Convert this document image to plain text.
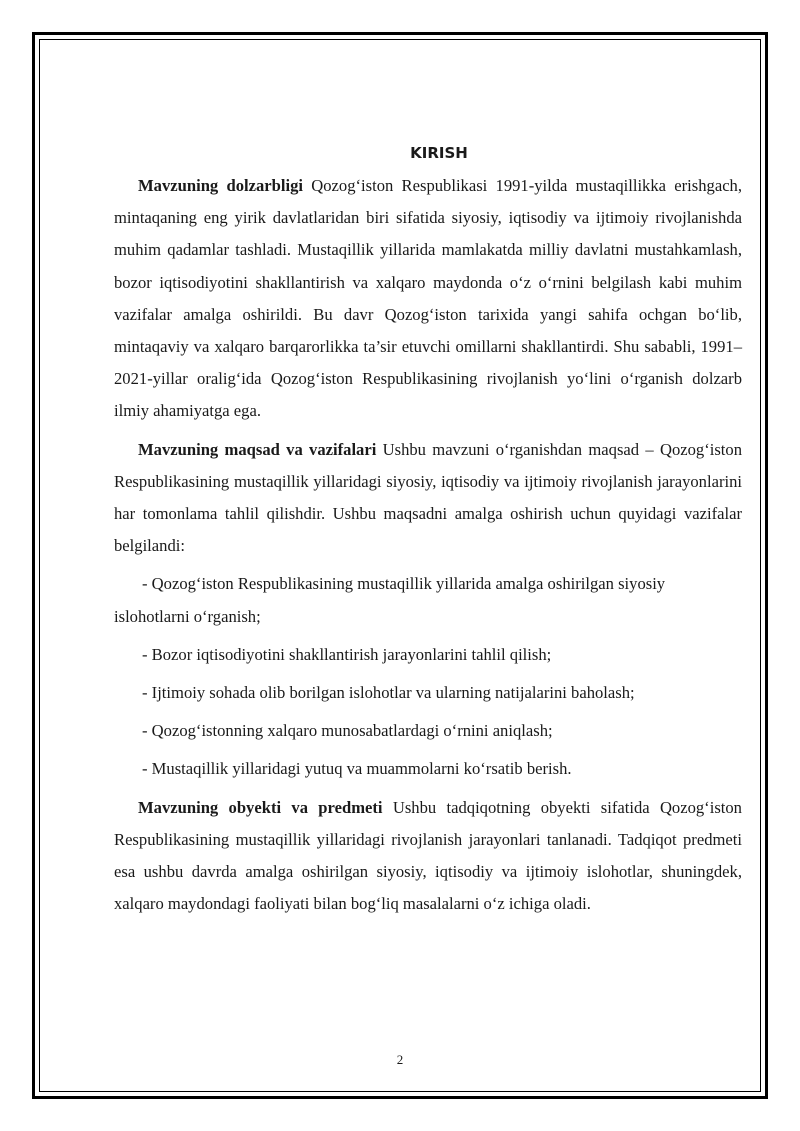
KIRISH

Mavzuning dolzarbligi Qozog‘iston Respublikasi 1991-yilda mustaqillikka erishgach, mintaqaning eng yirik davlatlaridan biri sifatida siyosiy, iqtisodiy va ijtimoiy rivojlanishda muhim qadamlar tashladi. Mustaqillik yillarida mamlakatda milliy davlatni mustahkamlash, bozor iqtisodiyotini shakllantirish va xalqaro maydonda o‘z o‘rnini belgilash kabi muhim vazifalar amalga oshirildi. Bu davr Qozog‘iston tarixida yangi sahifa ochgan bo‘lib, mintaqaviy va xalqaro barqarorlikka ta’sir etuvchi omillarni shakllantirdi. Shu sababli, 1991–2021-yillar oralig‘ida Qozog‘iston Respublikasining rivojlanish yo‘lini o‘rganish dolzarb ilmiy ahamiyatga ega.

Mavzuning maqsad va vazifalari Ushbu mavzuni o‘rganishdan maqsad – Qozog‘iston Respublikasining mustaqillik yillaridagi siyosiy, iqtisodiy va ijtimoiy rivojlanish jarayonlarini har tomonlama tahlil qilishdir. Ushbu maqsadni amalga oshirish uchun quyidagi vazifalar belgilandi:

- Qozog‘iston Respublikasining mustaqillik yillarida amalga oshirilgan siyosiy islohotlarni o‘rganish;

- Bozor iqtisodiyotini shakllantirish jarayonlarini tahlil qilish;

- Ijtimoiy sohada olib borilgan islohotlar va ularning natijalarini baholash;

- Qozog‘istonning xalqaro munosabatlardagi o‘rnini aniqlash;

- Mustaqillik yillaridagi yutuq va muammolarni ko‘rsatib berish.

Mavzuning obyekti va predmeti Ushbu tadqiqotning obyekti sifatida Qozog‘iston Respublikasining mustaqillik yillaridagi rivojlanish jarayonlari tanlanadi. Tadqiqot predmeti esa ushbu davrda amalga oshirilgan siyosiy, iqtisodiy va ijtimoiy islohotlar, shuningdek, xalqaro maydondagi faoliyati bilan bog‘liq masalalarni o‘z ichiga oladi.

2
